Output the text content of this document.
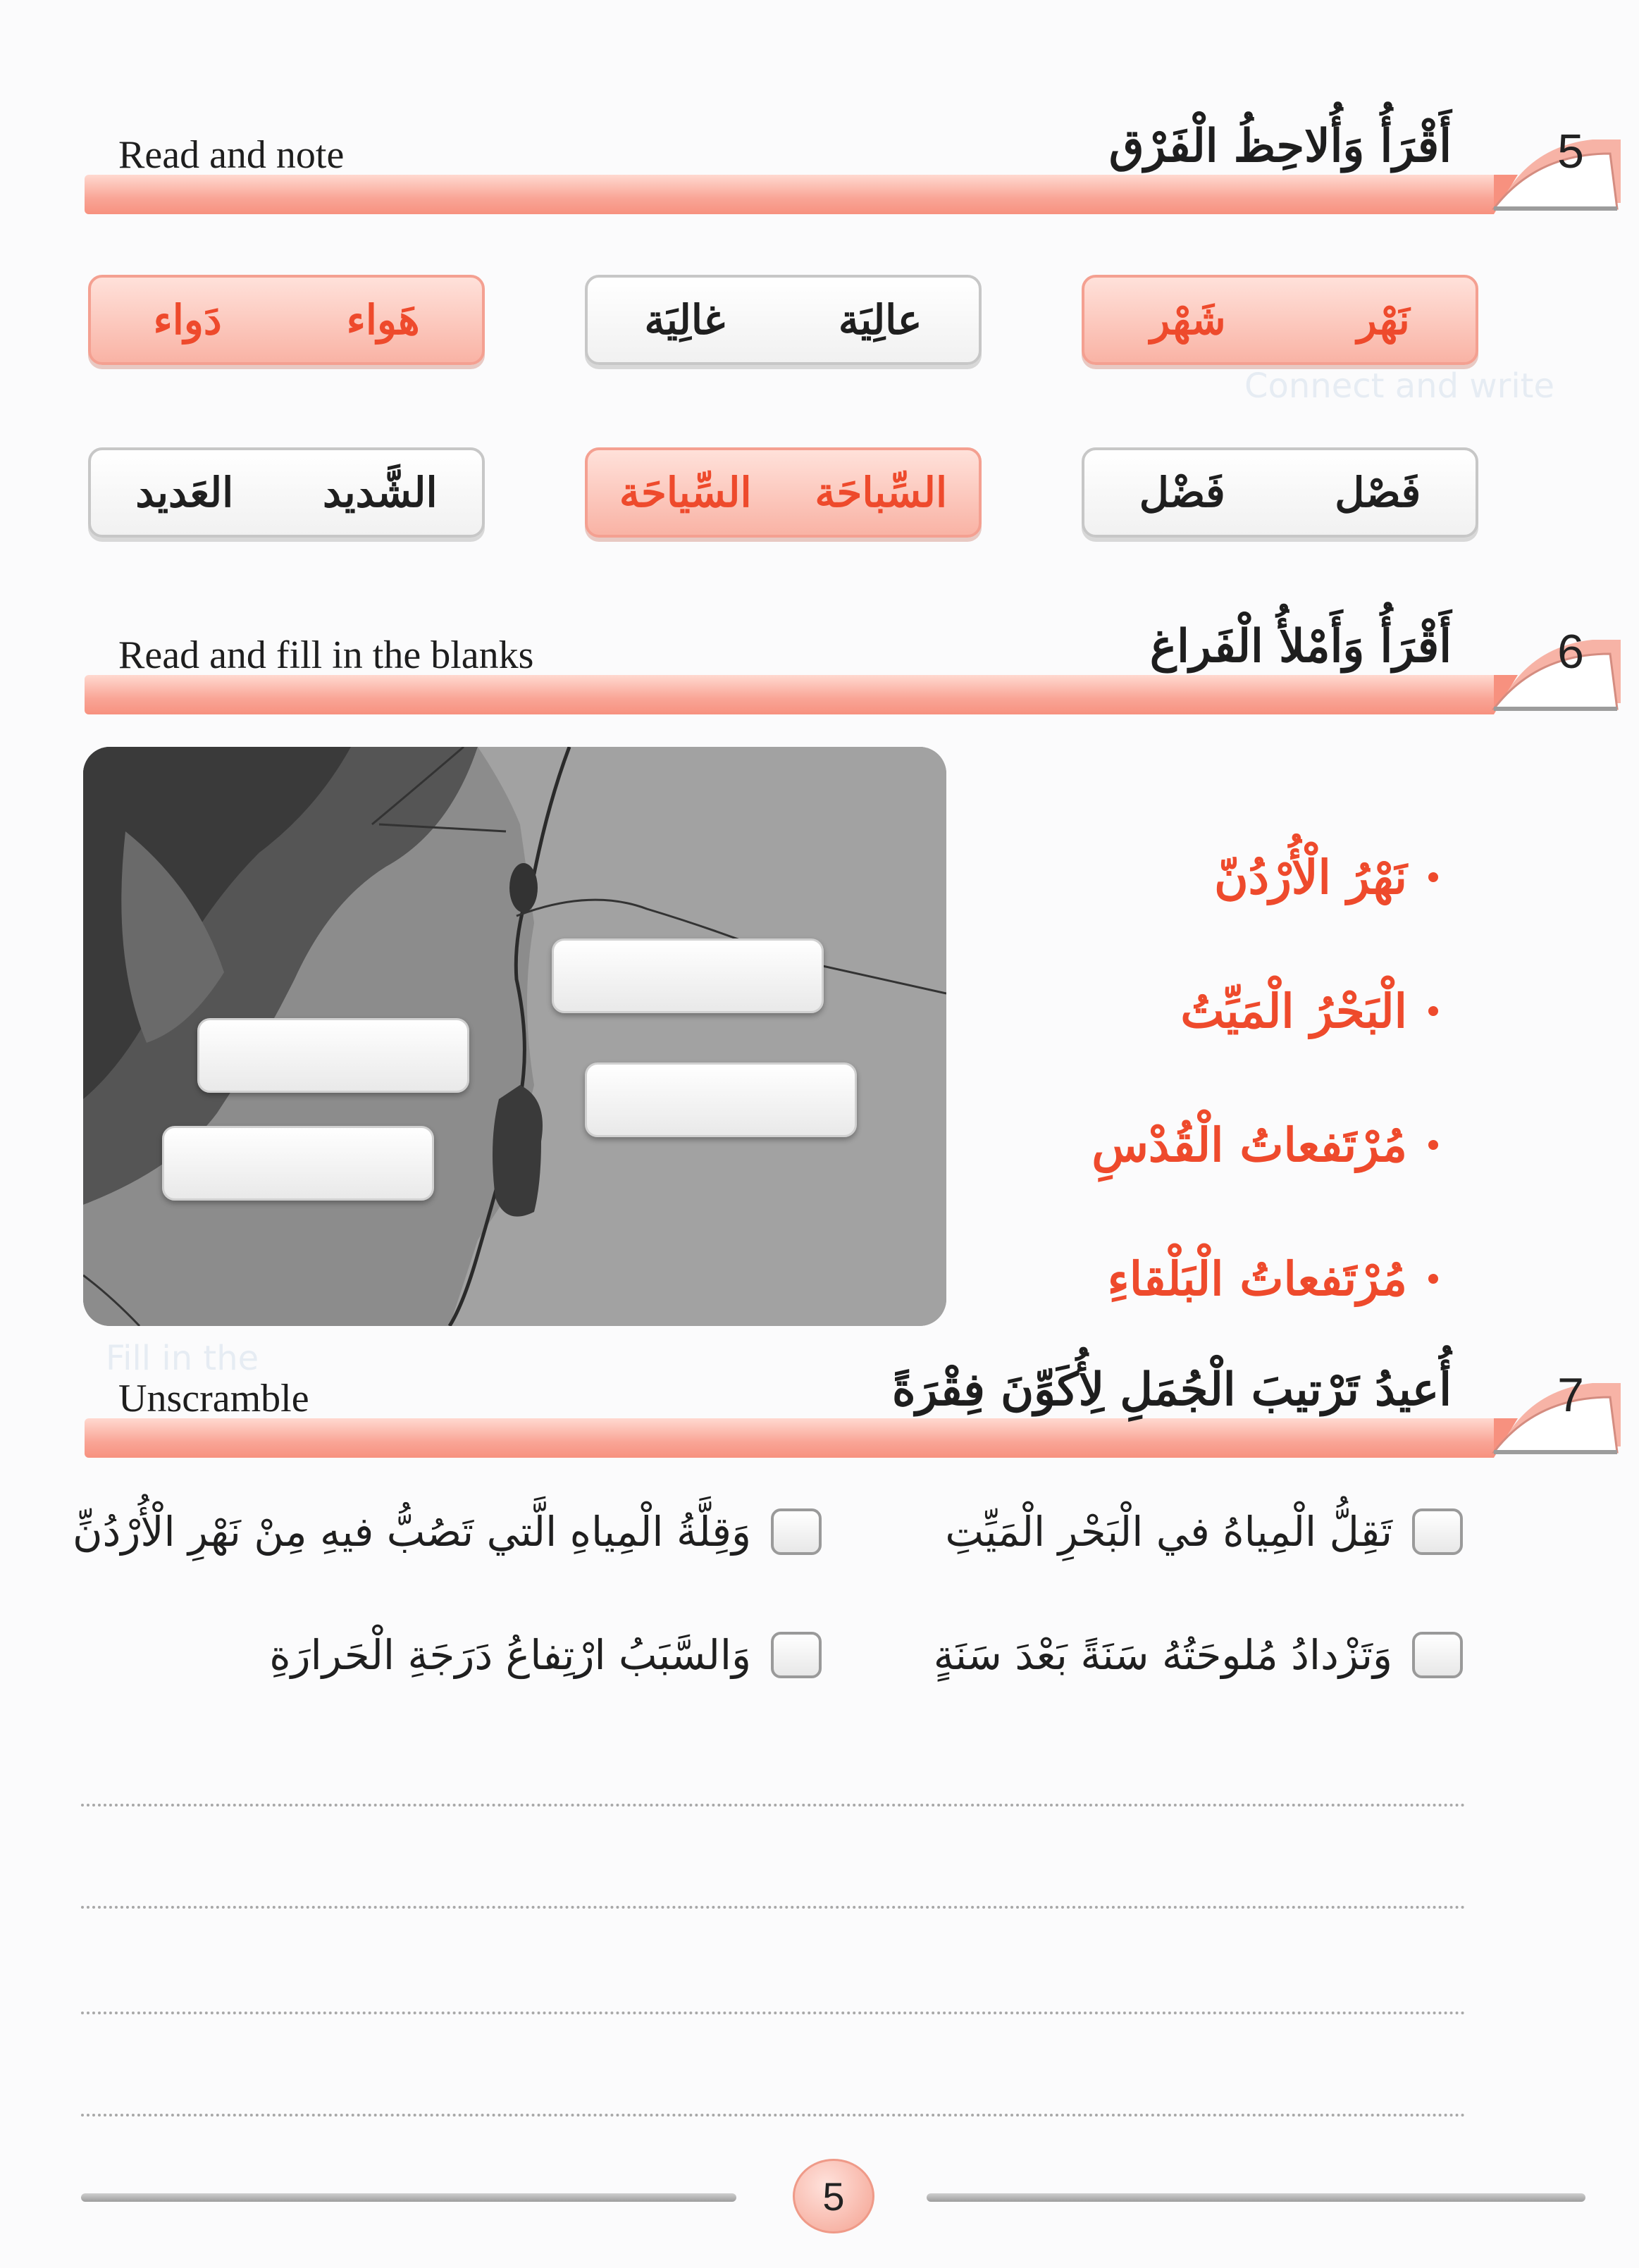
Connect and write
Fill in the
Read and note	أَقْرَأُ وَأُلاحِظُ الْفَرْق 5
نَهْر
شَهْر
عالِيَة
غالِيَة
هَواء
دَواء
فَصْل
فَضْل
السِّباحَة
السِّياحَة
الشَّديد
العَديد
Read and fill in the blanks	أَقْرَأُ وَأَمْلأُ الْفَراغ 6
نَهْرُ الْأُرْدُنّ
الْبَحْرُ الْمَيِّتُ
مُرْتَفعاتُ الْقُدْسِ
مُرْتَفعاتُ الْبَلْقاءِ
Unscramble	أُعيدُ تَرْتيبَ الْجُمَلِ لِأُكَوِّنَ فِقْرَةً 7
تَقِلُّ الْمِياهُ في الْبَحْرِ الْمَيِّتِ
وَقِلَّةُ الْمِياهِ الَّتي تَصُبُّ فيهِ مِنْ نَهْرِ الْأُرْدُنِّ
وَتَزْدادُ مُلوحَتُهُ سَنَةً بَعْدَ سَنَةٍ
وَالسَّبَبُ ارْتِفاعُ دَرَجَةِ الْحَرارَةِ
5
